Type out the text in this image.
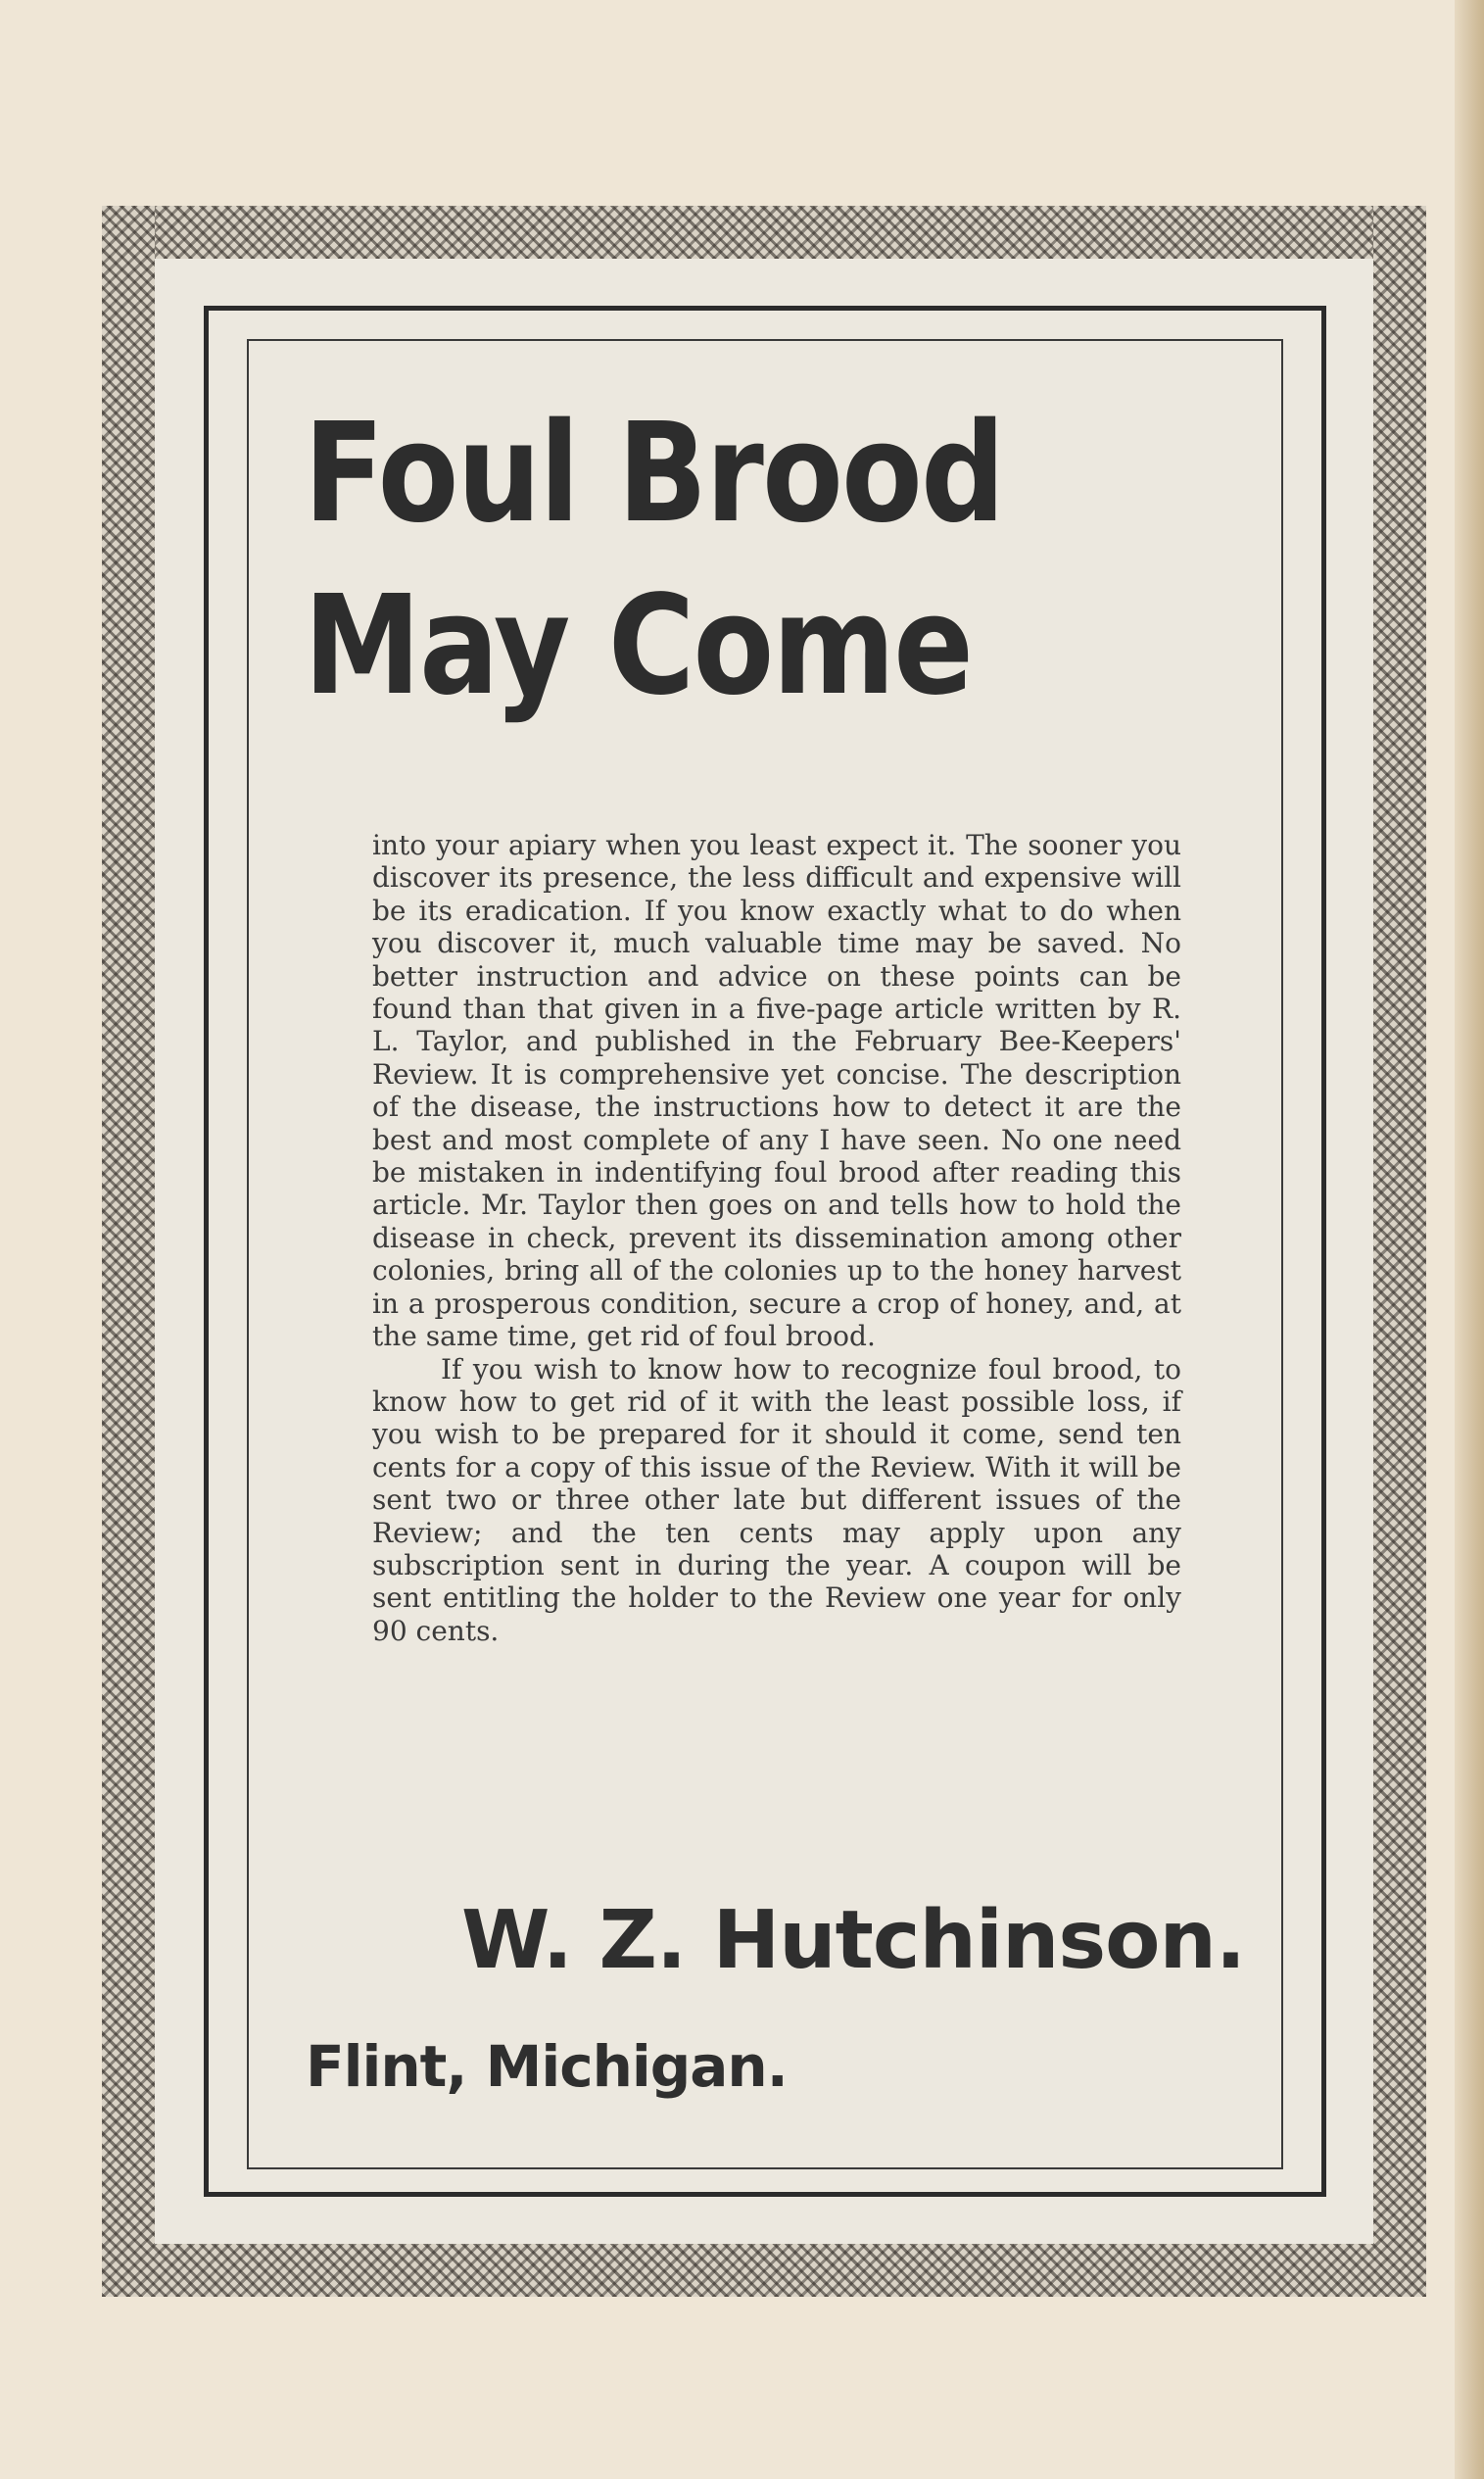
Foul Brood
May Come

into your apiary when you least expect it. The sooner you discover its presence, the less difficult and expensive will be its eradication. If you know exactly what to do when you discover it, much valuable time may be saved. No better instruction and advice on these points can be found than that given in a five-page article written by R. L. Taylor, and published in the February Bee-Keepers' Review. It is comprehensive yet concise. The description of the disease, the instructions how to detect it are the best and most complete of any I have seen. No one need be mistaken in indentifying foul brood after reading this article. Mr. Taylor then goes on and tells how to hold the disease in check, prevent its dissemination among other colonies, bring all of the colonies up to the honey harvest in a prosperous condition, secure a crop of honey, and, at the same time, get rid of foul brood.

If you wish to know how to recognize foul brood, to know how to get rid of it with the least possible loss, if you wish to be prepared for it should it come, send ten cents for a copy of this issue of the Review. With it will be sent two or three other late but different issues of the Review; and the ten cents may apply upon any subscription sent in during the year. A coupon will be sent entitling the holder to the Review one year for only 90 cents.

W. Z. Hutchinson.
Flint, Michigan.
